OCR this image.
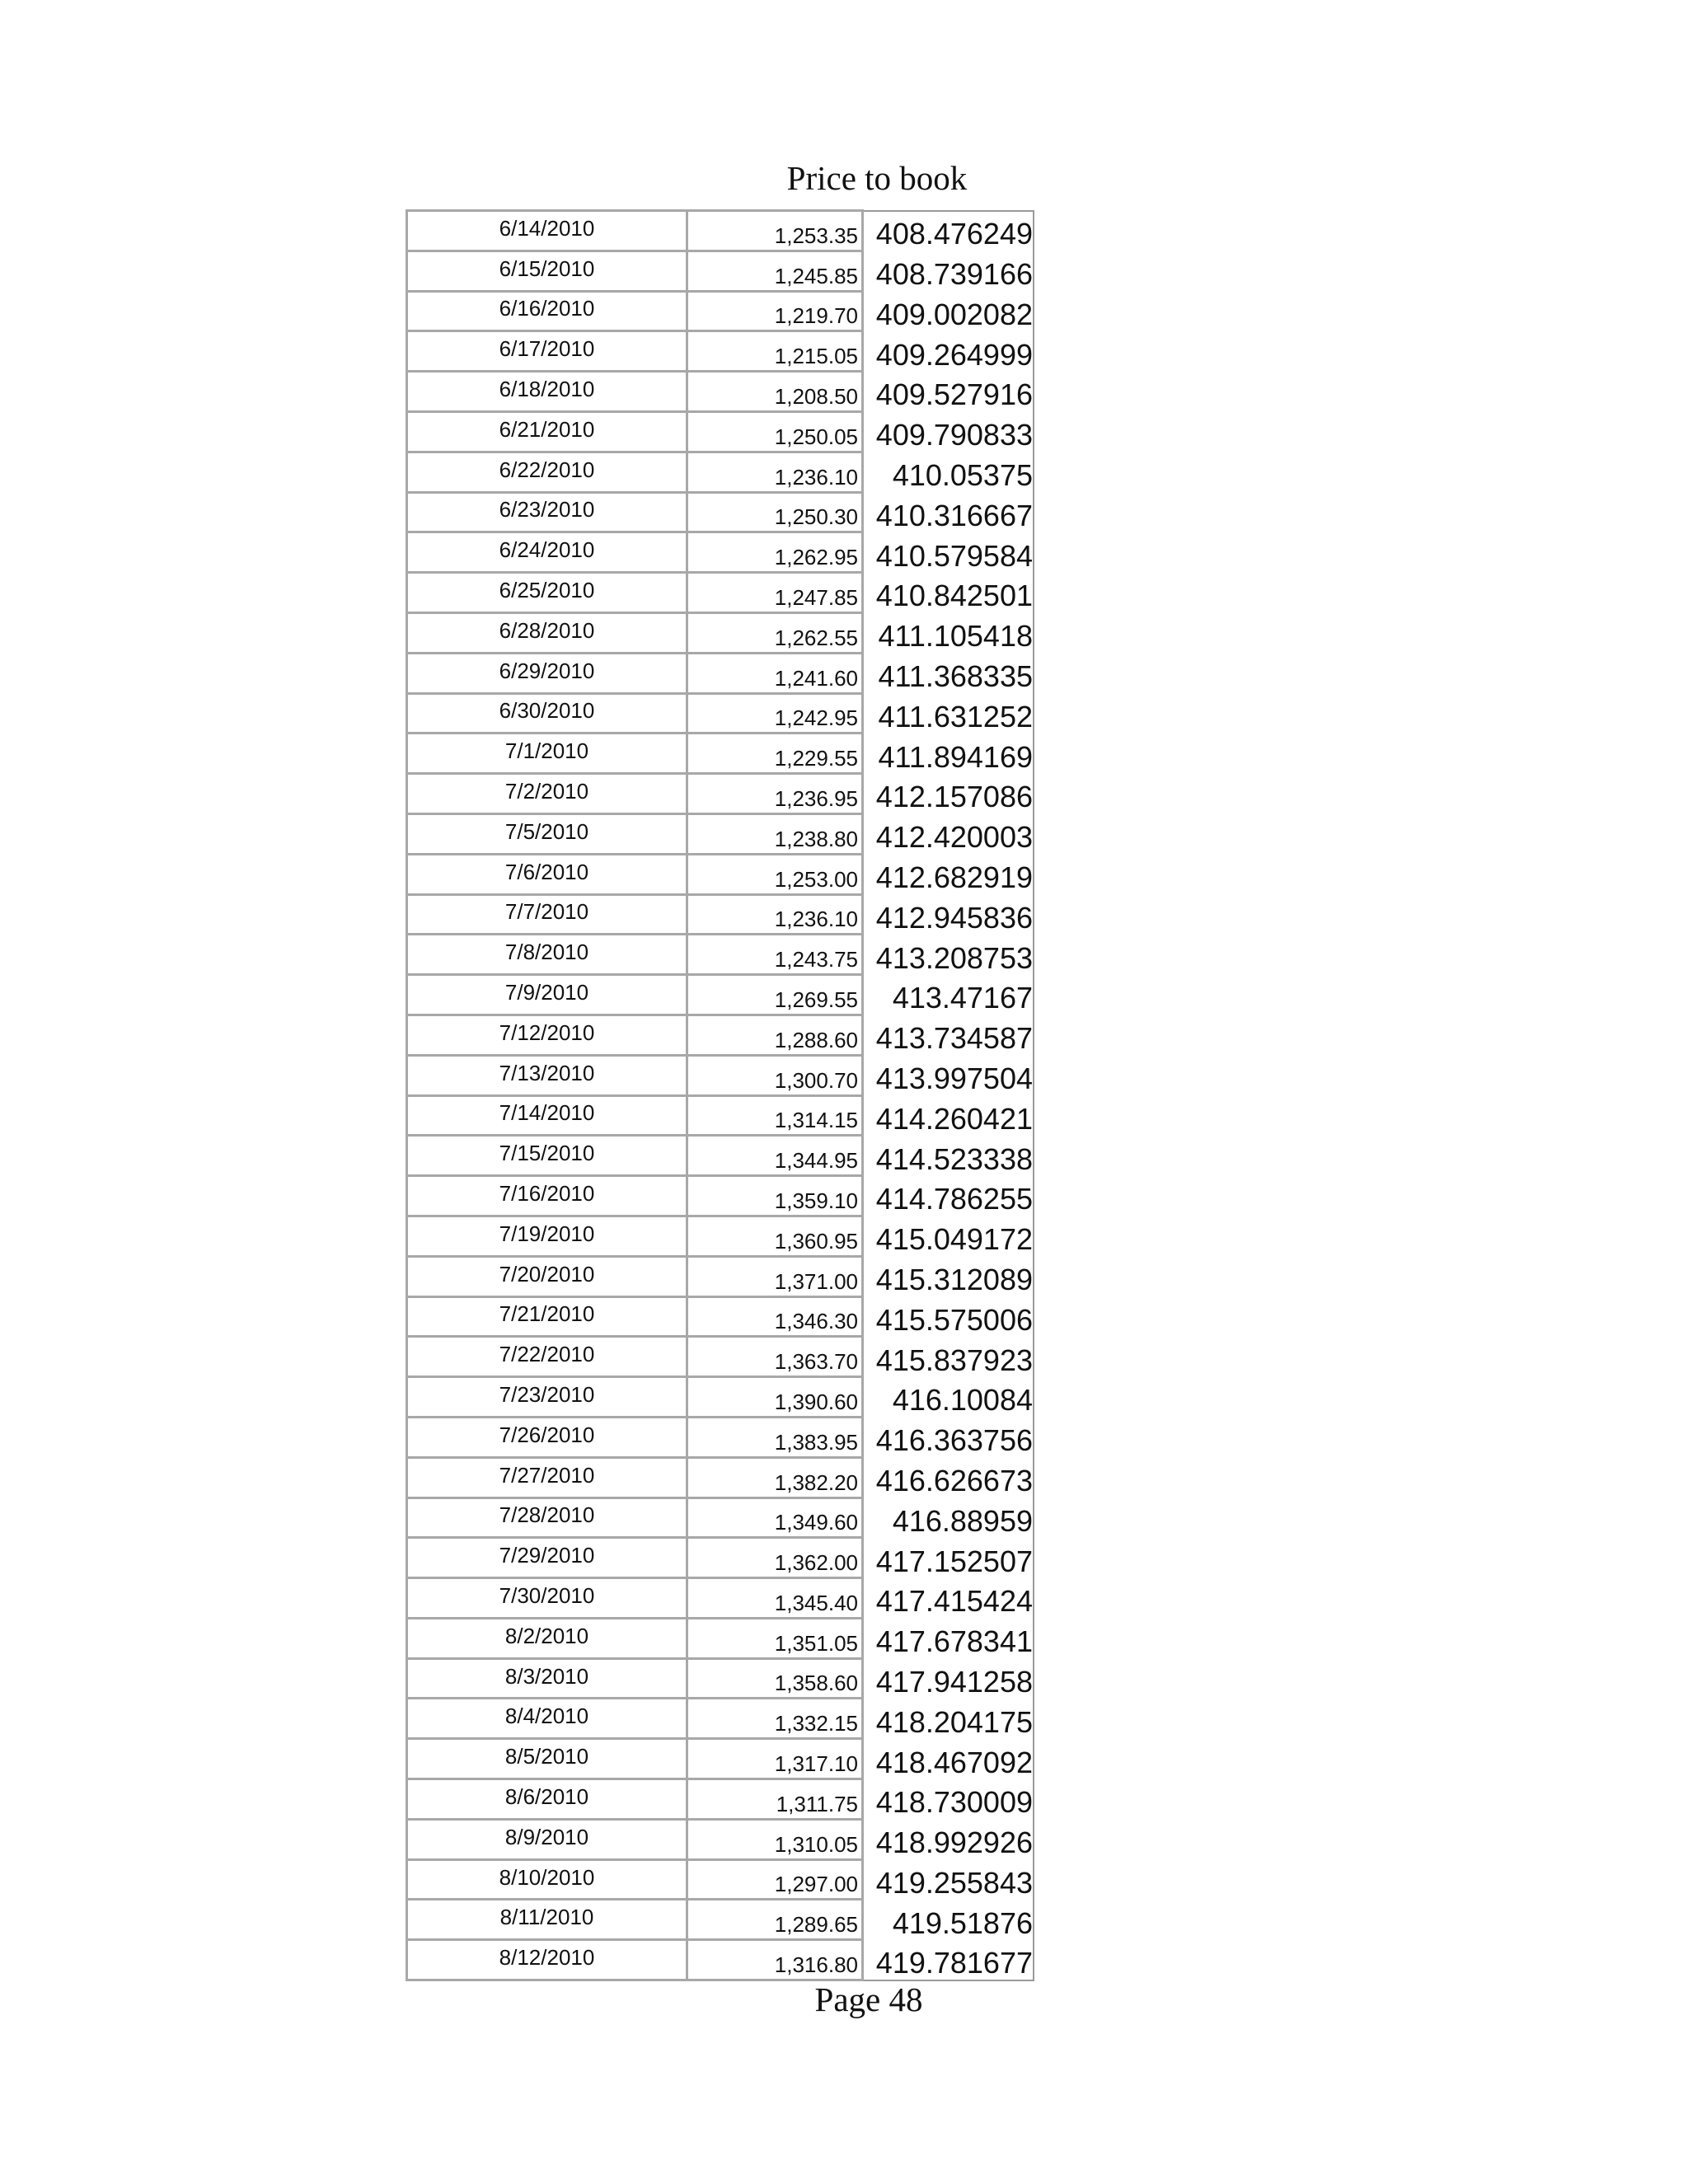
Price to book
6/14/2010	1,253.35	408.476249
6/15/2010	1,245.85	408.739166
6/16/2010	1,219.70	409.002082
6/17/2010	1,215.05	409.264999
6/18/2010	1,208.50	409.527916
6/21/2010	1,250.05	409.790833
6/22/2010	1,236.10	410.05375
6/23/2010	1,250.30	410.316667
6/24/2010	1,262.95	410.579584
6/25/2010	1,247.85	410.842501
6/28/2010	1,262.55	411.105418
6/29/2010	1,241.60	411.368335
6/30/2010	1,242.95	411.631252
7/1/2010	1,229.55	411.894169
7/2/2010	1,236.95	412.157086
7/5/2010	1,238.80	412.420003
7/6/2010	1,253.00	412.682919
7/7/2010	1,236.10	412.945836
7/8/2010	1,243.75	413.208753
7/9/2010	1,269.55	413.47167
7/12/2010	1,288.60	413.734587
7/13/2010	1,300.70	413.997504
7/14/2010	1,314.15	414.260421
7/15/2010	1,344.95	414.523338
7/16/2010	1,359.10	414.786255
7/19/2010	1,360.95	415.049172
7/20/2010	1,371.00	415.312089
7/21/2010	1,346.30	415.575006
7/22/2010	1,363.70	415.837923
7/23/2010	1,390.60	416.10084
7/26/2010	1,383.95	416.363756
7/27/2010	1,382.20	416.626673
7/28/2010	1,349.60	416.88959
7/29/2010	1,362.00	417.152507
7/30/2010	1,345.40	417.415424
8/2/2010	1,351.05	417.678341
8/3/2010	1,358.60	417.941258
8/4/2010	1,332.15	418.204175
8/5/2010	1,317.10	418.467092
8/6/2010	1,311.75	418.730009
8/9/2010	1,310.05	418.992926
8/10/2010	1,297.00	419.255843
8/11/2010	1,289.65	419.51876
8/12/2010	1,316.80	419.781677
Page 48
